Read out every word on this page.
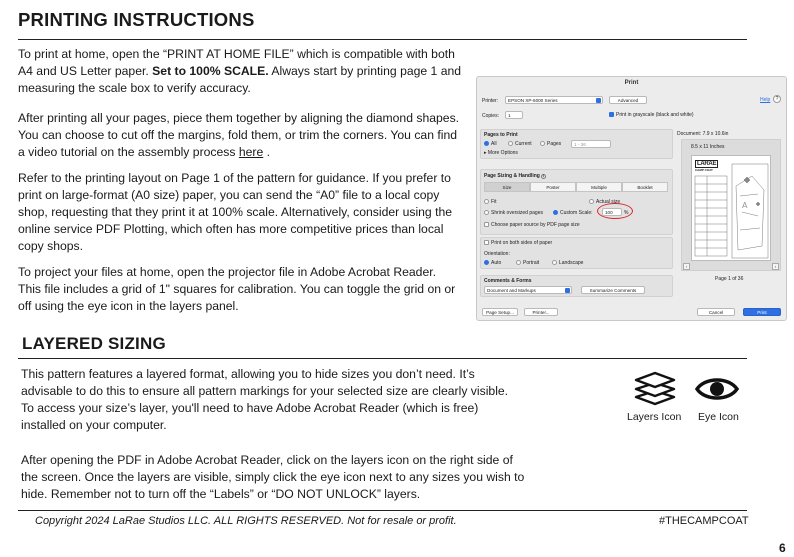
PRINTING INSTRUCTIONS
To print at home, open the “PRINT AT HOME FILE” which is compatible with both
A4 and US Letter paper. Set to 100% SCALE. Always start by printing page 1 and
measuring the scale box to verify accuracy.
After printing all your pages, piece them together by aligning the diamond shapes.
You can choose to cut off the margins, fold them, or trim the corners. You can find
a video tutorial on the assembly process here .
Refer to the printing layout on Page 1 of the pattern for guidance. If you prefer to
print on large-format (A0 size) paper, you can send the “A0” file to a local copy
shop, requesting that they print it at 100% scale. Alternatively, consider using the
online service PDF Plotting, which often has more competitive prices than local
copy shops.
To project your files at home, open the projector file in Adobe Acrobat Reader.
This file includes a grid of 1" squares for calibration. You can toggle the grid on or
off using the eye icon in the layers panel.
Print
Printer:	EPSON XP-6000 Series	Advanced	Help	?
Copies:	1	Print in grayscale (black and white)
Pages to Print
All	Current	Pages	1 - 36
▸ More Options
Page Sizing & Handling i
Size	Poster	Multiple	Booklet
Fit	Actual size
Shrink oversized pages	Custom Scale:	100	%
Choose paper source by PDF page size
Print on both sides of paper
Orientation:
Auto	Portrait	Landscape
Comments & Forms
Document and Markups	Summarize Comments
Document: 7.9 x 10.6in
8.5 x 11 Inches
LARAE
CAMP COAT
A
‹	›
Page 1 of 36
Page Setup...	Printer...	Cancel	Print
LAYERED SIZING
This pattern features a layered format, allowing you to hide sizes you don’t need. It’s
advisable to do this to ensure all pattern markings for your selected size are clearly visible.
To access your size’s layer, you'll need to have Adobe Acrobat Reader (which is free)
installed on your computer.
After opening the PDF in Adobe Acrobat Reader, click on the layers icon on the right side of
the screen. Once the layers are visible, simply click the eye icon next to any sizes you wish to
hide. Remember not to turn off the “Labels” or “DO NOT UNLOCK” layers.
Layers Icon Eye Icon
Copyright 2024 LaRae Studios LLC. ALL RIGHTS RESERVED. Not for resale or profit.	#THECAMPCOAT
6
